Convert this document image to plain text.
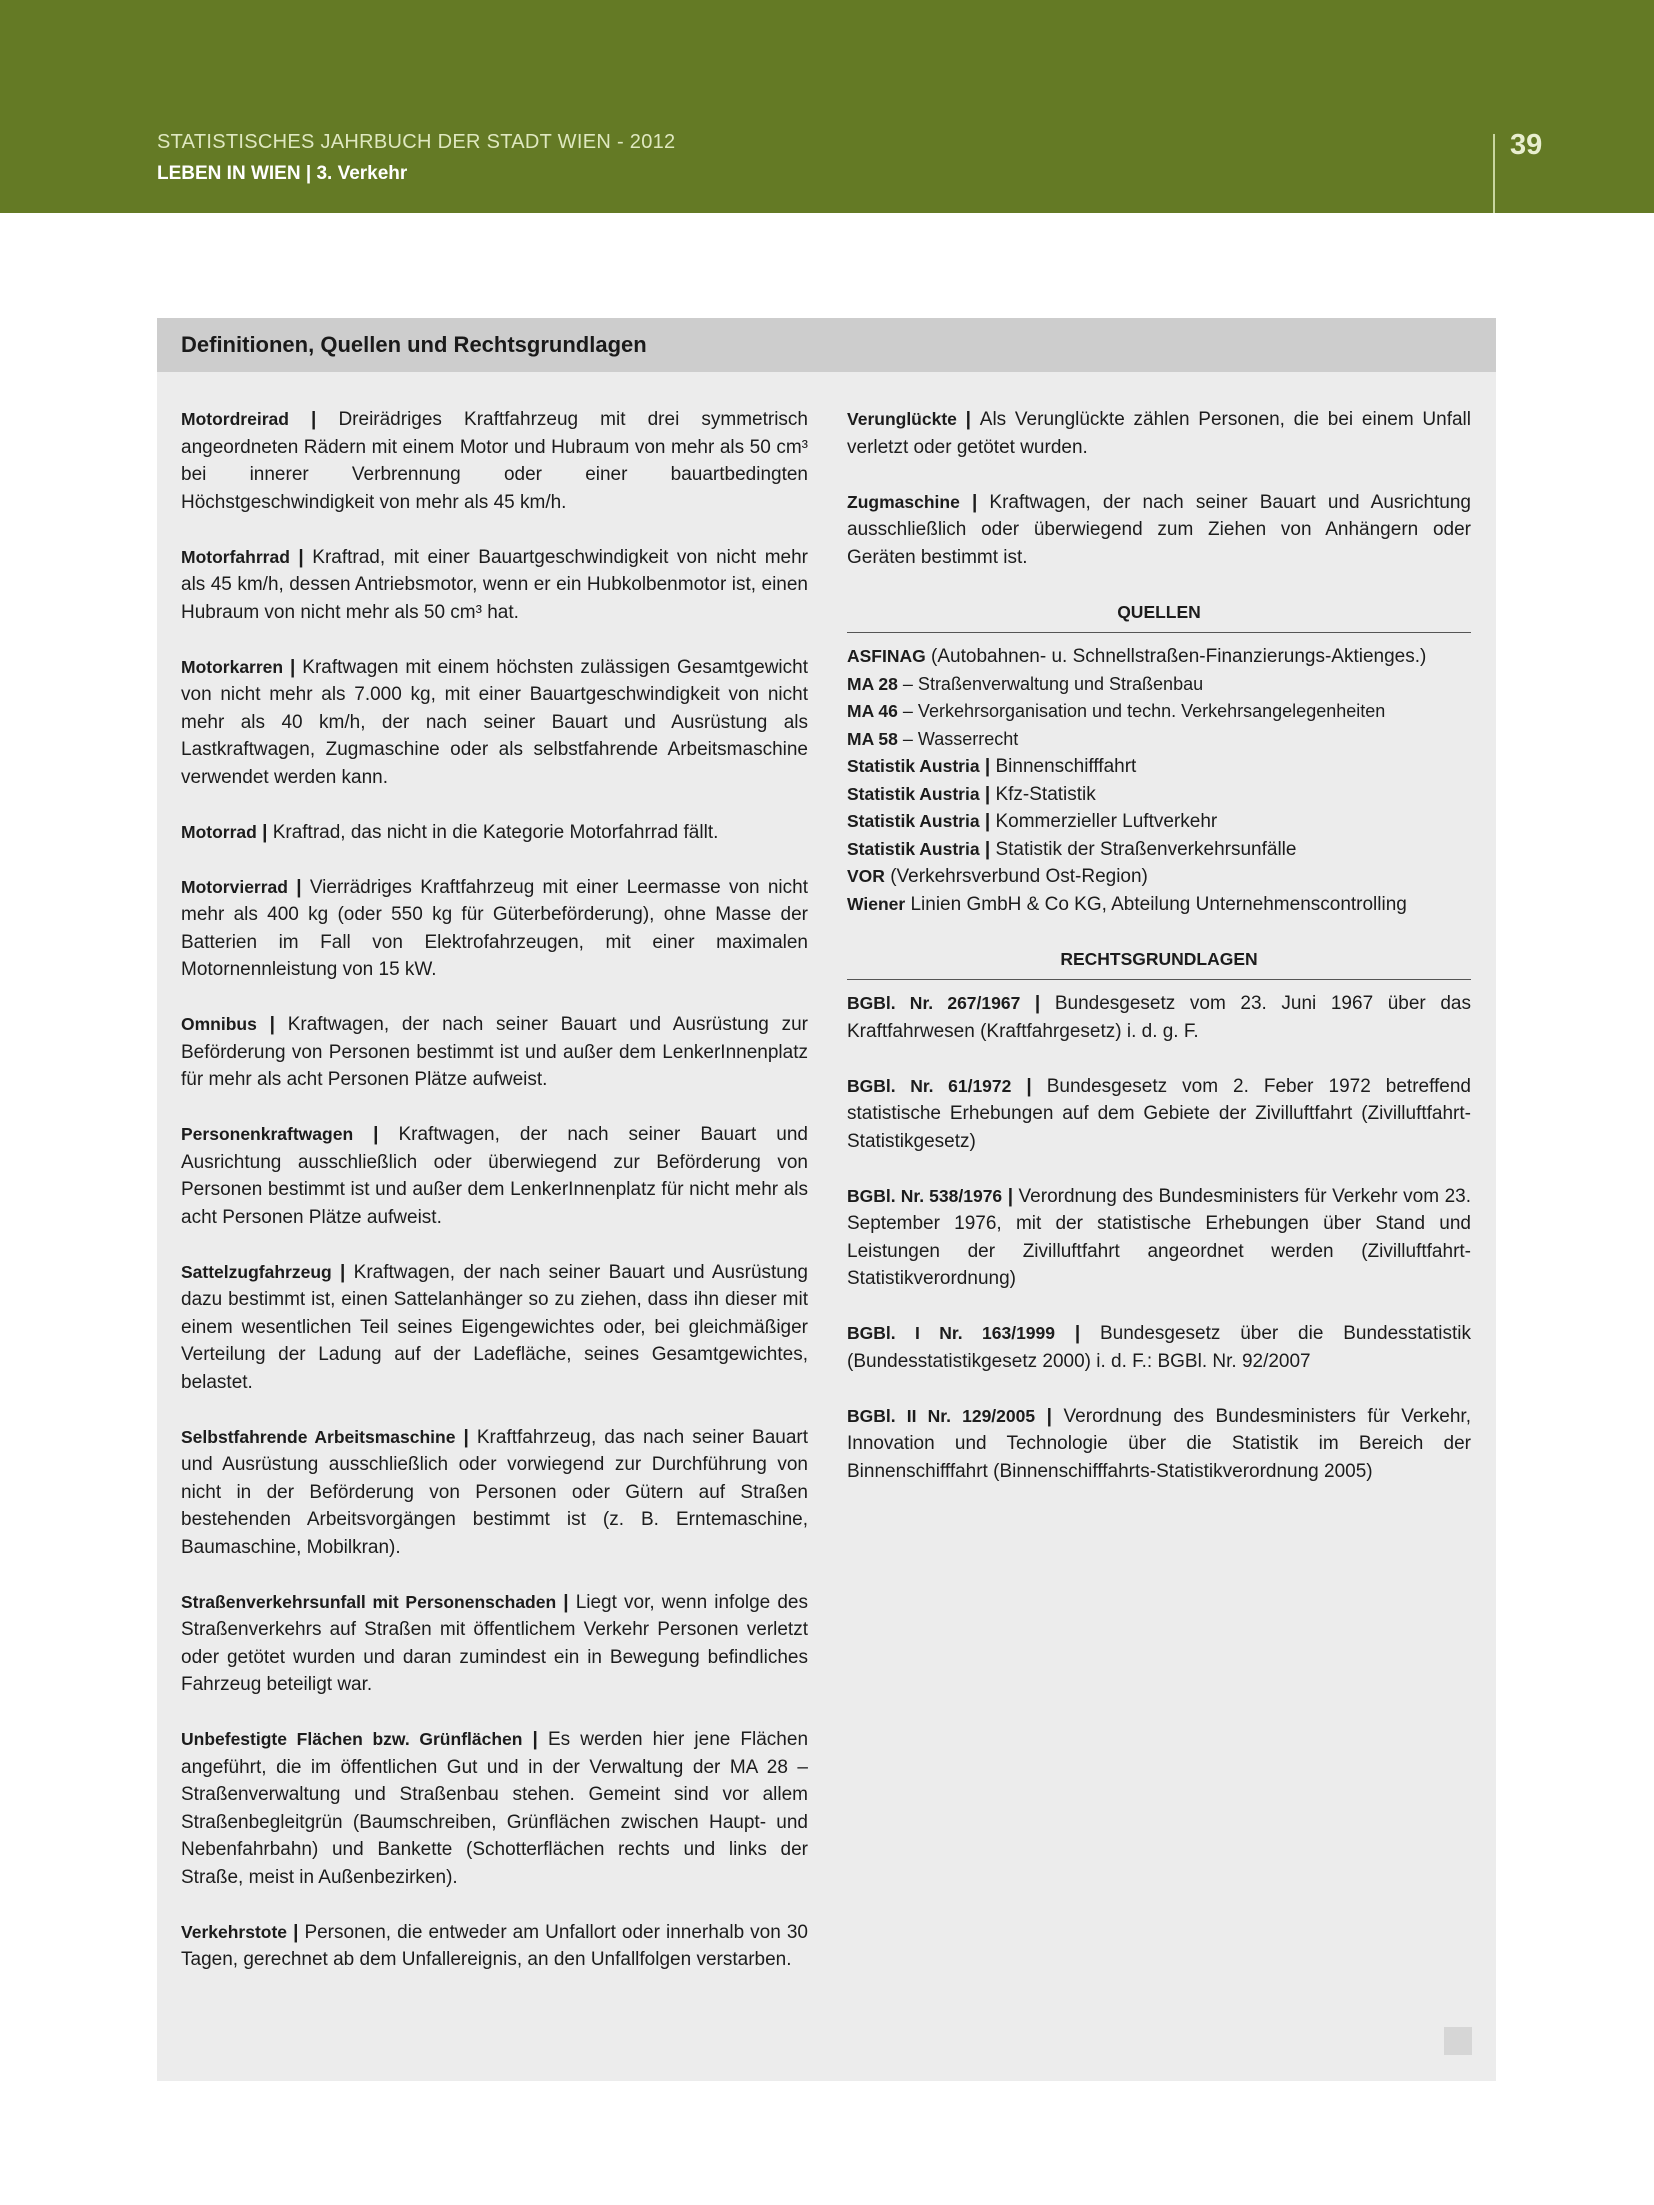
STATISTISCHES JAHRBUCH DER STADT WIEN - 2012
LEBEN IN WIEN | 3. Verkehr
39
Definitionen, Quellen und Rechtsgrundlagen

Motordreirad | Dreirädriges Kraftfahrzeug mit drei symmetrisch angeordneten Rädern mit einem Motor und Hubraum von mehr als 50 cm³ bei innerer Verbrennung oder einer bauartbedingten Höchstgeschwindigkeit von mehr als 45 km/h.

Motorfahrrad | Kraftrad, mit einer Bauartgeschwindigkeit von nicht mehr als 45 km/h, dessen Antriebsmotor, wenn er ein Hubkolbenmotor ist, einen Hubraum von nicht mehr als 50 cm³ hat.

Motorkarren | Kraftwagen mit einem höchsten zulässigen Gesamtgewicht von nicht mehr als 7.000 kg, mit einer Bauartgeschwindigkeit von nicht mehr als 40 km/h, der nach seiner Bauart und Ausrüstung als Lastkraftwagen, Zugmaschine oder als selbstfahrende Arbeitsmaschine verwendet werden kann.

Motorrad | Kraftrad, das nicht in die Kategorie Motorfahrrad fällt.

Motorvierrad | Vierrädriges Kraftfahrzeug mit einer Leermasse von nicht mehr als 400 kg (oder 550 kg für Güterbeförderung), ohne Masse der Batterien im Fall von Elektrofahrzeugen, mit einer maximalen Motornennleistung von 15 kW.

Omnibus | Kraftwagen, der nach seiner Bauart und Ausrüstung zur Beförderung von Personen bestimmt ist und außer dem LenkerInnenplatz für mehr als acht Personen Plätze aufweist.

Personenkraftwagen | Kraftwagen, der nach seiner Bauart und Ausrichtung ausschließlich oder überwiegend zur Beförderung von Personen bestimmt ist und außer dem LenkerInnenplatz für nicht mehr als acht Personen Plätze aufweist.

Sattelzugfahrzeug | Kraftwagen, der nach seiner Bauart und Ausrüstung dazu bestimmt ist, einen Sattelanhänger so zu ziehen, dass ihn dieser mit einem wesentlichen Teil seines Eigengewichtes oder, bei gleichmäßiger Verteilung der Ladung auf der Ladefläche, seines Gesamtgewichtes, belastet.

Selbstfahrende Arbeitsmaschine | Kraftfahrzeug, das nach seiner Bauart und Ausrüstung ausschließlich oder vorwiegend zur Durchführung von nicht in der Beförderung von Personen oder Gütern auf Straßen bestehenden Arbeitsvorgängen bestimmt ist (z. B. Erntemaschine, Baumaschine, Mobilkran).

Straßenverkehrsunfall mit Personenschaden | Liegt vor, wenn infolge des Straßenverkehrs auf Straßen mit öffentlichem Verkehr Personen verletzt oder getötet wurden und daran zumindest ein in Bewegung befindliches Fahrzeug beteiligt war.

Unbefestigte Flächen bzw. Grünflächen | Es werden hier jene Flächen angeführt, die im öffentlichen Gut und in der Verwaltung der MA 28 – Straßenverwaltung und Straßenbau stehen. Gemeint sind vor allem Straßenbegleitgrün (Baumschreiben, Grünflächen zwischen Haupt- und Nebenfahrbahn) und Bankette (Schotterflächen rechts und links der Straße, meist in Außenbezirken).

Verkehrstote | Personen, die entweder am Unfallort oder innerhalb von 30 Tagen, gerechnet ab dem Unfallereignis, an den Unfallfolgen verstarben.

Verunglückte | Als Verunglückte zählen Personen, die bei einem Unfall verletzt oder getötet wurden.

Zugmaschine | Kraftwagen, der nach seiner Bauart und Ausrichtung ausschließlich oder überwiegend zum Ziehen von Anhängern oder Geräten bestimmt ist.

QUELLEN
ASFINAG (Autobahnen- u. Schnellstraßen-Finanzierungs-Aktienges.)
MA 28 – Straßenverwaltung und Straßenbau
MA 46 – Verkehrsorganisation und techn. Verkehrsangelegenheiten
MA 58 – Wasserrecht
Statistik Austria | Binnenschifffahrt
Statistik Austria | Kfz-Statistik
Statistik Austria | Kommerzieller Luftverkehr
Statistik Austria | Statistik der Straßenverkehrsunfälle
VOR (Verkehrsverbund Ost-Region)
Wiener Linien GmbH & Co KG, Abteilung Unternehmenscontrolling
RECHTSGRUNDLAGEN

BGBl. Nr. 267/1967 | Bundesgesetz vom 23. Juni 1967 über das Kraftfahrwesen (Kraftfahrgesetz) i. d. g. F.

BGBl. Nr. 61/1972 | Bundesgesetz vom 2. Feber 1972 betreffend statistische Erhebungen auf dem Gebiete der Zivilluftfahrt (Zivilluftfahrt-Statistikgesetz)

BGBl. Nr. 538/1976 | Verordnung des Bundesministers für Verkehr vom 23. September 1976, mit der statistische Erhebungen über Stand und Leistungen der Zivilluftfahrt angeordnet werden (Zivilluftfahrt-Statistikverordnung)

BGBl. I Nr. 163/1999 | Bundesgesetz über die Bundesstatistik (Bundesstatistikgesetz 2000) i. d. F.: BGBl. Nr. 92/2007

BGBl. II Nr. 129/2005 | Verordnung des Bundesministers für Verkehr, Innovation und Technologie über die Statistik im Bereich der Binnenschifffahrt (Binnenschifffahrts-Statistikverordnung 2005)
